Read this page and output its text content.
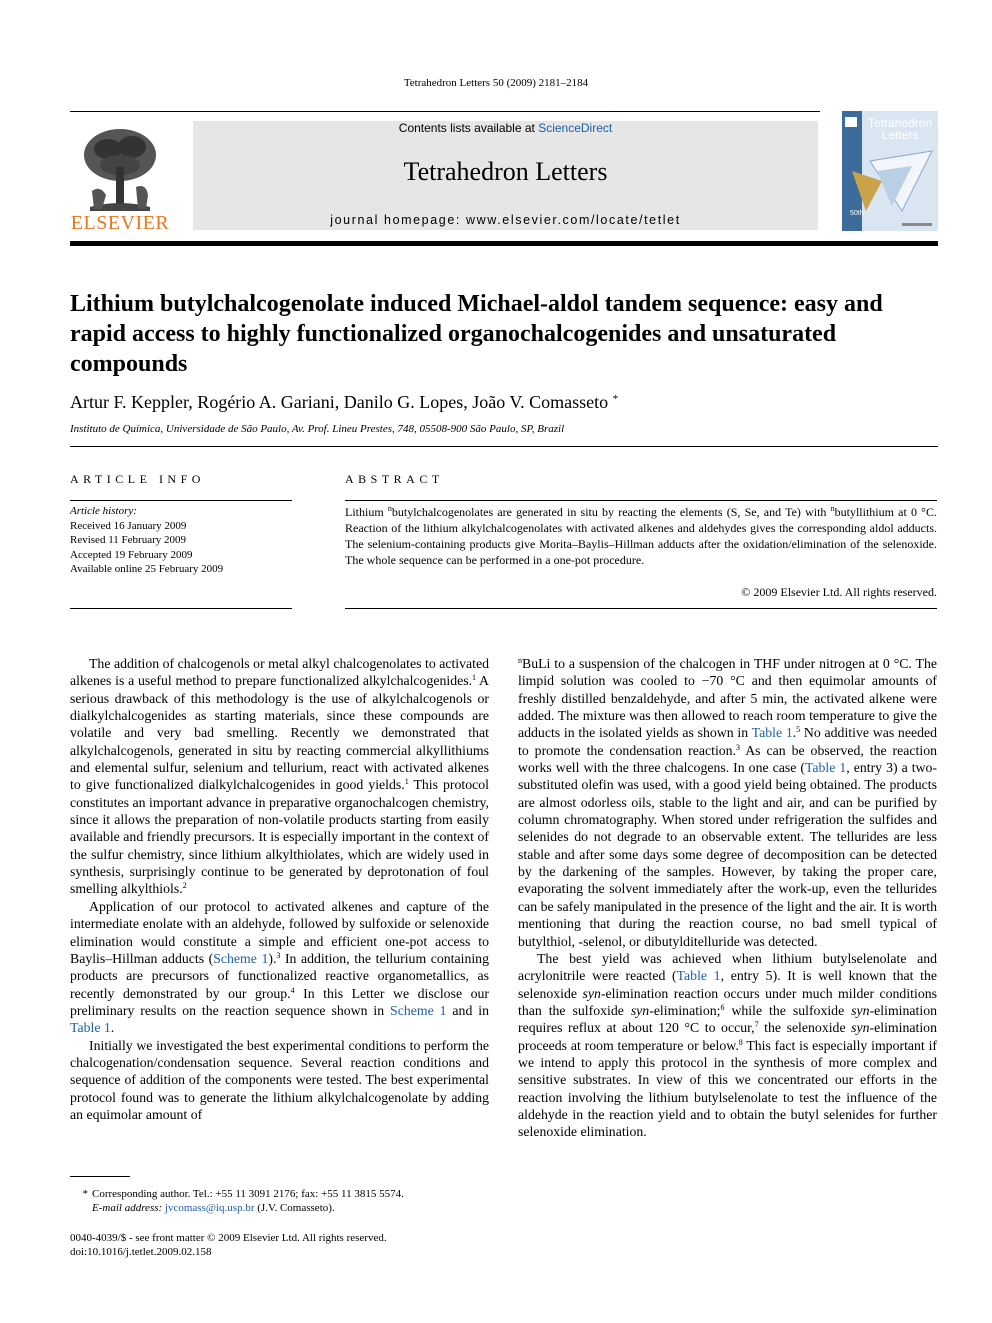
Tetrahedron Letters 50 (2009) 2181–2184
ELSEVIER
Contents lists available at ScienceDirect
Tetrahedron Letters
journal homepage: www.elsevier.com/locate/tetlet	50th
Tetrahedron
Letters
Lithium butylchalcogenolate induced Michael-aldol tandem sequence: easy and rapid access to highly functionalized organochalcogenides and unsaturated compounds
Artur F. Keppler, Rogério A. Gariani, Danilo G. Lopes, João V. Comasseto *
Instituto de Química, Universidade de São Paulo, Av. Prof. Lineu Prestes, 748, 05508-900 São Paulo, SP, Brazil
ARTICLE INFO
Article history:
Received 16 January 2009
Revised 11 February 2009
Accepted 19 February 2009
Available online 25 February 2009
ABSTRACT
Lithium $^n$butylchalcogenolates are generated in situ by reacting the elements (S, Se, and Te) with $^n$butyllithium at 0 °C. Reaction of the lithium alkylchalcogenolates with activated alkenes and aldehydes gives the corresponding aldol adducts. The selenium-containing products give Morita–Baylis–Hillman adducts after the oxidation/elimination of the selenoxide. The whole sequence can be performed in a one-pot procedure.
© 2009 Elsevier Ltd. All rights reserved.

The addition of chalcogenols or metal alkyl chalcogenolates to activated alkenes is a useful method to prepare functionalized alkylchalcogenides.$^1$ A serious drawback of this methodology is the use of alkylchalcogenols or dialkylchalcogenides as starting materials, since these compounds are volatile and very bad smelling. Recently we demonstrated that alkylchalcogenols, generated in situ by reacting commercial alkyllithiums and elemental sulfur, selenium and tellurium, react with activated alkenes to give functionalized dialkylchalcogenides in good yields.$^1$ This protocol constitutes an important advance in preparative organochalcogen chemistry, since it allows the preparation of non-volatile products starting from easily available and friendly precursors. It is especially important in the context of the sulfur chemistry, since lithium alkylthiolates, which are widely used in synthesis, surprisingly continue to be generated by deprotonation of foul smelling alkylthiols.$^2$

Application of our protocol to activated alkenes and capture of the intermediate enolate with an aldehyde, followed by sulfoxide or selenoxide elimination would constitute a simple and efficient one-pot access to Baylis–Hillman adducts (Scheme 1).$^3$ In addition, the tellurium containing products are precursors of functionalized reactive organometallics, as recently demonstrated by our group.$^4$ In this Letter we disclose our preliminary results on the reaction sequence shown in Scheme 1 and in Table 1.

Initially we investigated the best experimental conditions to perform the chalcogenation/condensation sequence. Several reaction conditions and sequence of addition of the components were tested. The best experimental protocol found was to generate the lithium alkylchalcogenolate by adding an equimolar amount of

$^n$BuLi to a suspension of the chalcogen in THF under nitrogen at 0 °C. The limpid solution was cooled to −70 °C and then equimolar amounts of freshly distilled benzaldehyde, and after 5 min, the activated alkene were added. The mixture was then allowed to reach room temperature to give the adducts in the isolated yields as shown in Table 1.$^5$ No additive was needed to promote the condensation reaction.$^3$ As can be observed, the reaction works well with the three chalcogens. In one case (Table 1, entry 3) a two-substituted olefin was used, with a good yield being obtained. The products are almost odorless oils, stable to the light and air, and can be purified by column chromatography. When stored under refrigeration the sulfides and selenides do not degrade to an observable extent. The tellurides are less stable and after some days some degree of decomposition can be detected by the darkening of the samples. However, by taking the proper care, evaporating the solvent immediately after the work-up, even the tellurides can be safely manipulated in the presence of the light and the air. It is worth mentioning that during the reaction course, no bad smell typical of butylthiol, -selenol, or dibutylditelluride was detected.

The best yield was achieved when lithium butylselenolate and acrylonitrile were reacted (Table 1, entry 5). It is well known that the selenoxide syn-elimination reaction occurs under much milder conditions than the sulfoxide syn-elimination;$^6$ while the sulfoxide syn-elimination requires reflux at about 120 °C to occur,$^7$ the selenoxide syn-elimination proceeds at room temperature or below.$^8$ This fact is especially important if we intend to apply this protocol in the synthesis of more complex and sensitive substrates. In view of this we concentrated our efforts in the reaction involving the lithium butylselenolate to test the influence of the aldehyde in the reaction yield and to obtain the butyl selenides for further selenoxide elimination.

* Corresponding author. Tel.: +55 11 3091 2176; fax: +55 11 3815 5574.
E-mail address: jvcomass@iq.usp.br (J.V. Comasseto).
0040-4039/$ - see front matter © 2009 Elsevier Ltd. All rights reserved.
doi:10.1016/j.tetlet.2009.02.158
